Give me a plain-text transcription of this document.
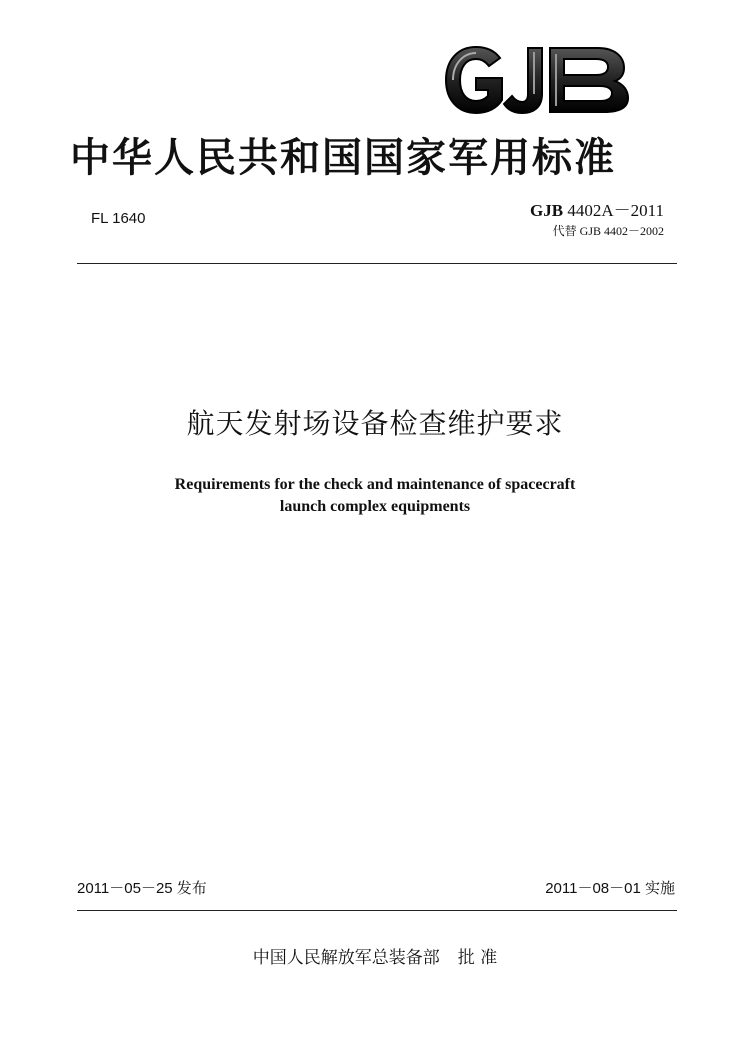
中华人民共和国国家军用标准
FL 1640	GJB 4402A－2011
代替 GJB 4402－2002
航天发射场设备检查维护要求
Requirements for the check and maintenance of spacecraft
launch complex equipments
2011－05－25 发布	2011－08－01 实施
中国人民解放军总装备部 批 准
